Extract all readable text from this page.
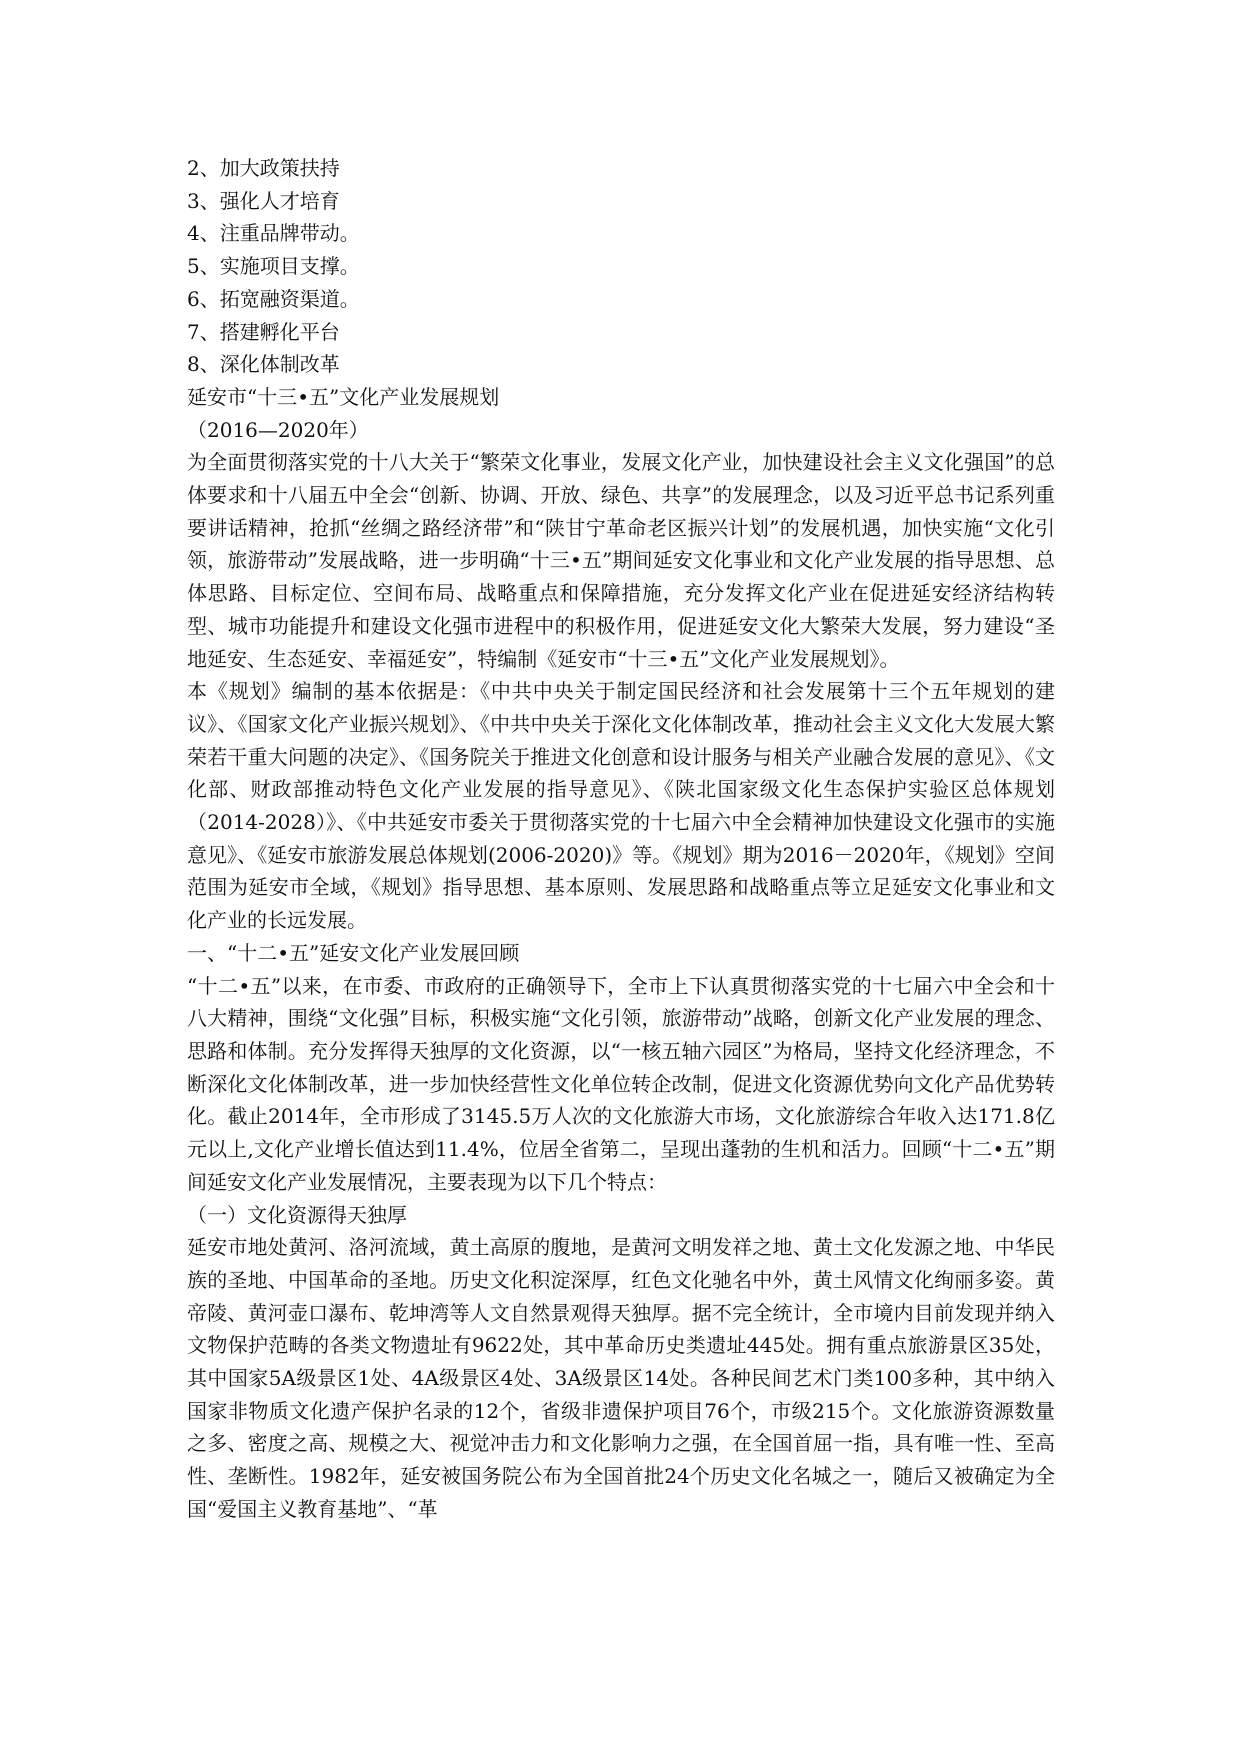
2、加大政策扶持

3、强化人才培育

4、注重品牌带动。

5、实施项目支撑。

6、拓宽融资渠道。

7、搭建孵化平台

8、深化体制改革

延安市“十三•五”文化产业发展规划

（2016—2020年）

为全面贯彻落实党的十八大关于“繁荣文化事业，发展文化产业，加快建设社会主义文化强国”的总体要求和十八届五中全会“创新、协调、开放、绿色、共享”的发展理念，以及习近平总书记系列重要讲话精神，抢抓“丝绸之路经济带”和“陕甘宁革命老区振兴计划”的发展机遇，加快实施“文化引领，旅游带动”发展战略，进一步明确“十三•五”期间延安文化事业和文化产业发展的指导思想、总体思路、目标定位、空间布局、战略重点和保障措施，充分发挥文化产业在促进延安经济结构转型、城市功能提升和建设文化强市进程中的积极作用，促进延安文化大繁荣大发展，努力建设“圣地延安、生态延安、幸福延安”，特编制《延安市“十三•五”文化产业发展规划》。

本《规划》编制的基本依据是：《中共中央关于制定国民经济和社会发展第十三个五年规划的建议》、《国家文化产业振兴规划》、《中共中央关于深化文化体制改革，推动社会主义文化大发展大繁荣若干重大问题的决定》、《国务院关于推进文化创意和设计服务与相关产业融合发展的意见》、《文化部、财政部推动特色文化产业发展的指导意见》、《陕北国家级文化生态保护实验区总体规划（2014-2028）》、《中共延安市委关于贯彻落实党的十七届六中全会精神加快建设文化强市的实施意见》、《延安市旅游发展总体规划(2006-2020)》等。《规划》期为2016－2020年，《规划》空间范围为延安市全域，《规划》指导思想、基本原则、发展思路和战略重点等立足延安文化事业和文化产业的长远发展。

一、“十二•五”延安文化产业发展回顾

“十二•五”以来，在市委、市政府的正确领导下，全市上下认真贯彻落实党的十七届六中全会和十八大精神，围绕“文化强”目标，积极实施“文化引领，旅游带动”战略，创新文化产业发展的理念、思路和体制。充分发挥得天独厚的文化资源，以“一核五轴六园区”为格局，坚持文化经济理念，不断深化文化体制改革，进一步加快经营性文化单位转企改制，促进文化资源优势向文化产品优势转化。截止2014年，全市形成了3145.5万人次的文化旅游大市场，文化旅游综合年收入达171.8亿元以上,文化产业增长值达到11.4%，位居全省第二，呈现出蓬勃的生机和活力。回顾“十二•五”期间延安文化产业发展情况，主要表现为以下几个特点：

（一）文化资源得天独厚

延安市地处黄河、洛河流域，黄土高原的腹地，是黄河文明发祥之地、黄土文化发源之地、中华民族的圣地、中国革命的圣地。历史文化积淀深厚，红色文化驰名中外，黄土风情文化绚丽多姿。黄帝陵、黄河壶口瀑布、乾坤湾等人文自然景观得天独厚。据不完全统计，全市境内目前发现并纳入文物保护范畴的各类文物遗址有9622处，其中革命历史类遗址445处。拥有重点旅游景区35处，其中国家5A级景区1处、4A级景区4处、3A级景区14处。各种民间艺术门类100多种，其中纳入国家非物质文化遗产保护名录的12个，省级非遗保护项目76个，市级215个。文化旅游资源数量之多、密度之高、规模之大、视觉冲击力和文化影响力之强，在全国首屈一指，具有唯一性、至高性、垄断性。1982年，延安被国务院公布为全国首批24个历史文化名城之一，随后又被确定为全国“爱国主义教育基地”、“革
